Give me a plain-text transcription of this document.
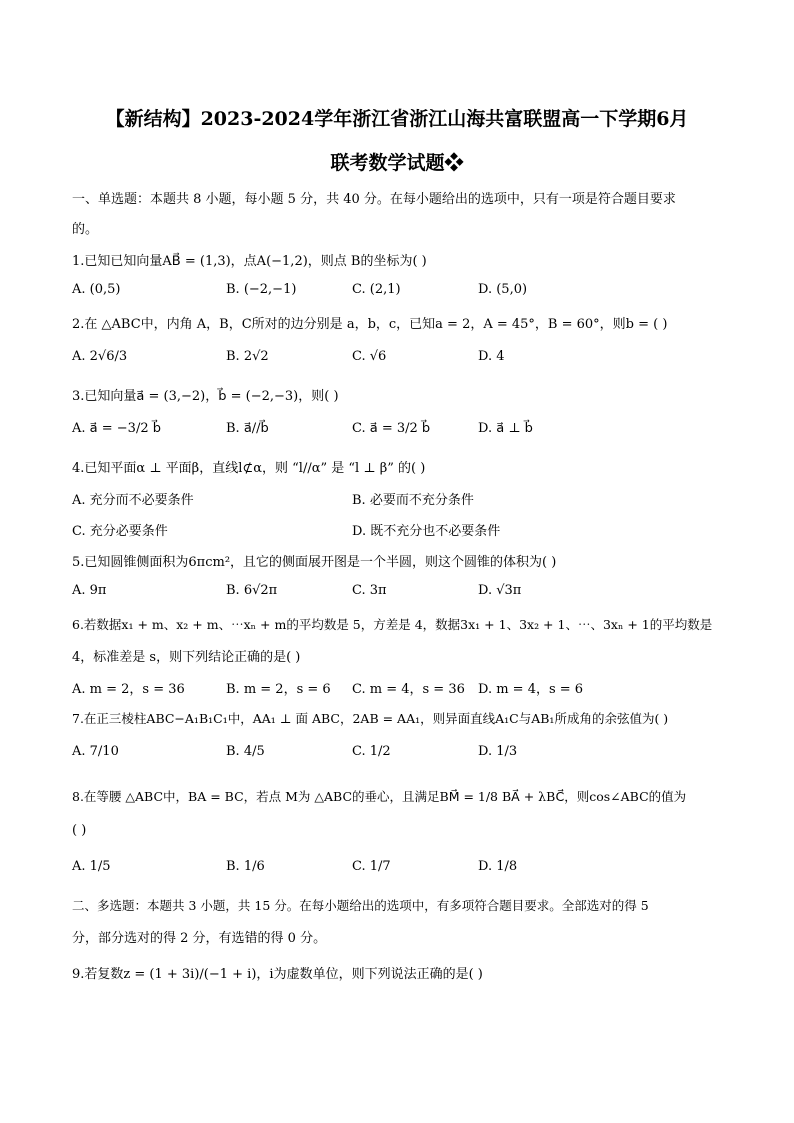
【新结构】2023-2024学年浙江省浙江山海共富联盟高一下学期6月
联考数学试题❖
一、单选题：本题共 8 小题，每小题 5 分，共 40 分。在每小题给出的选项中，只有一项是符合题目要求
的。
1.已知已知向量AB⃗ = (1,3)，点A(−1,2)，则点 B的坐标为( )
A. (0,5)	B. (−2,−1)	C. (2,1)	D. (5,0)
2.在 △ABC中，内角 A，B，C所对的边分别是 a，b，c，已知a = 2，A = 45°，B = 60°，则b = ( )
A. 2√6/3	B. 2√2	C. √6	D. 4
3.已知向量a⃗ = (3,−2)，b⃗ = (−2,−3)，则( )
A. a⃗ = −3/2 b⃗	B. a⃗//b⃗	C. a⃗ = 3/2 b⃗	D. a⃗ ⊥ b⃗
4.已知平面α ⊥ 平面β，直线l⊄α，则 “l//α” 是 “l ⊥ β” 的( )
A. 充分而不必要条件	B. 必要而不充分条件
C. 充分必要条件	D. 既不充分也不必要条件
5.已知圆锥侧面积为6πcm²，且它的侧面展开图是一个半圆，则这个圆锥的体积为( )
A. 9π	B. 6√2π	C. 3π	D. √3π
6.若数据x₁ + m、x₂ + m、⋯xₙ + m的平均数是 5，方差是 4，数据3x₁ + 1、3x₂ + 1、⋯、3xₙ + 1的平均数是
4，标准差是 s，则下列结论正确的是( )
A. m = 2，s = 36	B. m = 2，s = 6 C. m = 4，s = 36 D. m = 4，s = 6
7.在正三棱柱ABC−A₁B₁C₁中，AA₁ ⊥ 面 ABC，2AB = AA₁，则异面直线A₁C与AB₁所成角的余弦值为( )
A. 7/10	B. 4/5	C. 1/2	D. 1/3
8.在等腰 △ABC中，BA = BC，若点 M为 △ABC的垂心，且满足BM⃗ = 1/8 BA⃗ + λBC⃗，则cos∠ABC的值为
( )
A. 1/5	B. 1/6	C. 1/7	D. 1/8
二、多选题：本题共 3 小题，共 15 分。在每小题给出的选项中，有多项符合题目要求。全部选对的得 5
分，部分选对的得 2 分，有选错的得 0 分。
9.若复数z = (1 + 3i)/(−1 + i)，i为虚数单位，则下列说法正确的是( )
